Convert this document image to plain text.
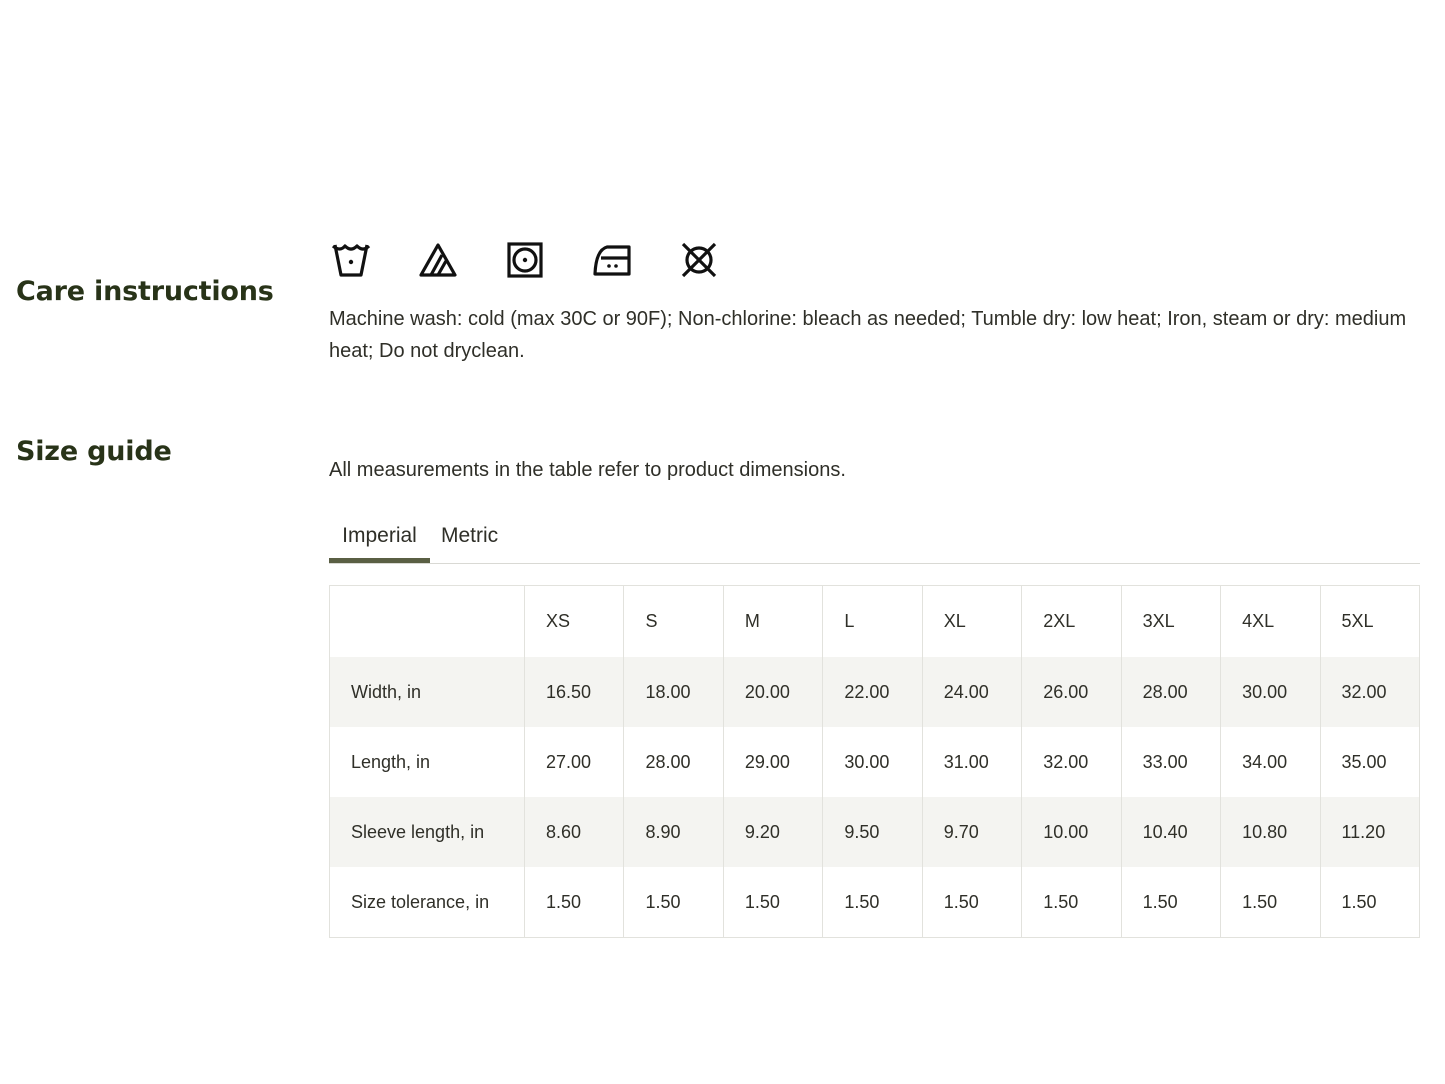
Care instructions

Machine wash: cold (max 30C or 90F); Non-chlorine: bleach as needed; Tumble dry: low heat; Iron, steam or dry: medium heat; Do not dryclean.

Size guide

All measurements in the table refer to product dimensions.

Imperial	Metric
	XS	S	M	L	XL	2XL	3XL	4XL	5XL
Width, in	16.50	18.00	20.00	22.00	24.00	26.00	28.00	30.00	32.00
Length, in	27.00	28.00	29.00	30.00	31.00	32.00	33.00	34.00	35.00
Sleeve length, in	8.60	8.90	9.20	9.50	9.70	10.00	10.40	10.80	11.20
Size tolerance, in	1.50	1.50	1.50	1.50	1.50	1.50	1.50	1.50	1.50
